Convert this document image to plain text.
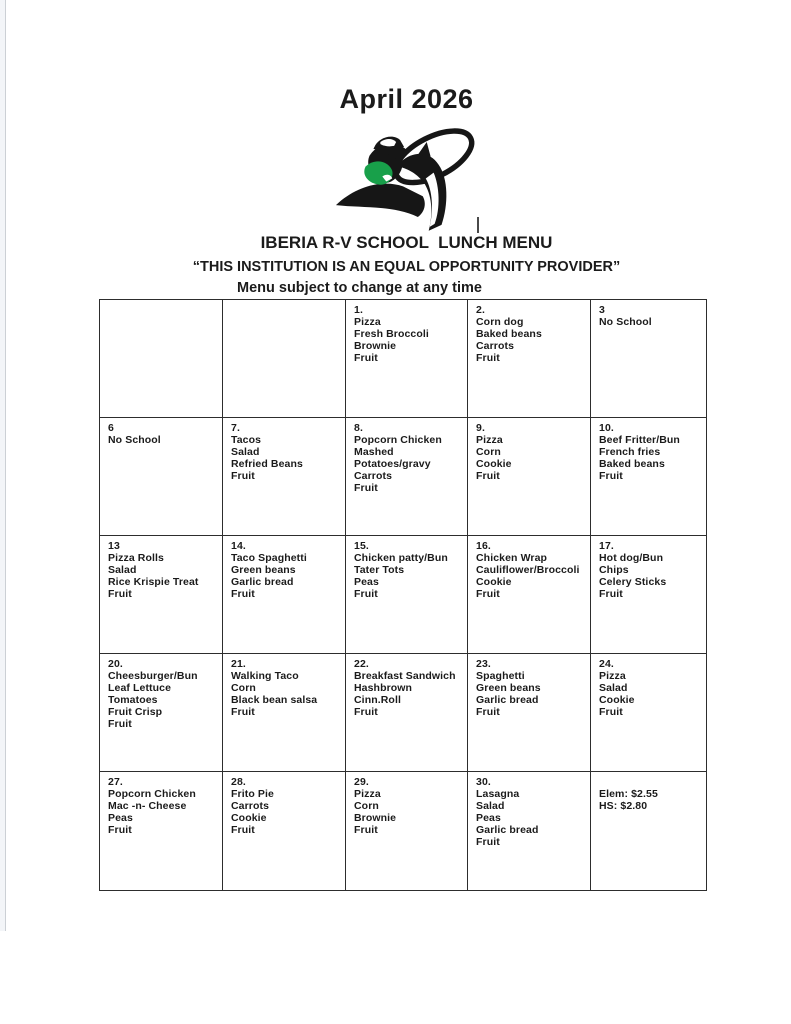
April 2026
IBERIA R-V SCHOOL  LUNCH MENU
“THIS INSTITUTION IS AN EQUAL OPPORTUNITY PROVIDER”
Menu subject to change at any time
1.
Pizza
Fresh Broccoli
Brownie
Fruit
2.
Corn dog
Baked beans
Carrots
Fruit
3
No School
6
No School
7.
Tacos
Salad
Refried Beans
Fruit
8.
Popcorn Chicken
Mashed
Potatoes/gravy
Carrots
Fruit
9.
Pizza
Corn
Cookie
Fruit
10.
Beef Fritter/Bun
French fries
Baked beans
Fruit
13
Pizza Rolls
Salad
Rice Krispie Treat
Fruit
14.
Taco Spaghetti
Green beans
Garlic bread
Fruit
15.
Chicken patty/Bun
Tater Tots
Peas
Fruit
16.
Chicken Wrap
Cauliflower/Broccoli
Cookie
Fruit
17.
Hot dog/Bun
Chips
Celery Sticks
Fruit
20.
Cheesburger/Bun
Leaf Lettuce
Tomatoes
Fruit Crisp
Fruit
21.
Walking Taco
Corn
Black bean salsa
Fruit
22.
Breakfast Sandwich
Hashbrown
Cinn.Roll
Fruit
23.
Spaghetti
Green beans
Garlic bread
Fruit
24.
Pizza
Salad
Cookie
Fruit
27.
Popcorn Chicken
Mac -n- Cheese
Peas
Fruit
28.
Frito Pie
Carrots
Cookie
Fruit
29.
Pizza
Corn
Brownie
Fruit
30.
Lasagna
Salad
Peas
Garlic bread
Fruit
Elem: $2.55
HS: $2.80
